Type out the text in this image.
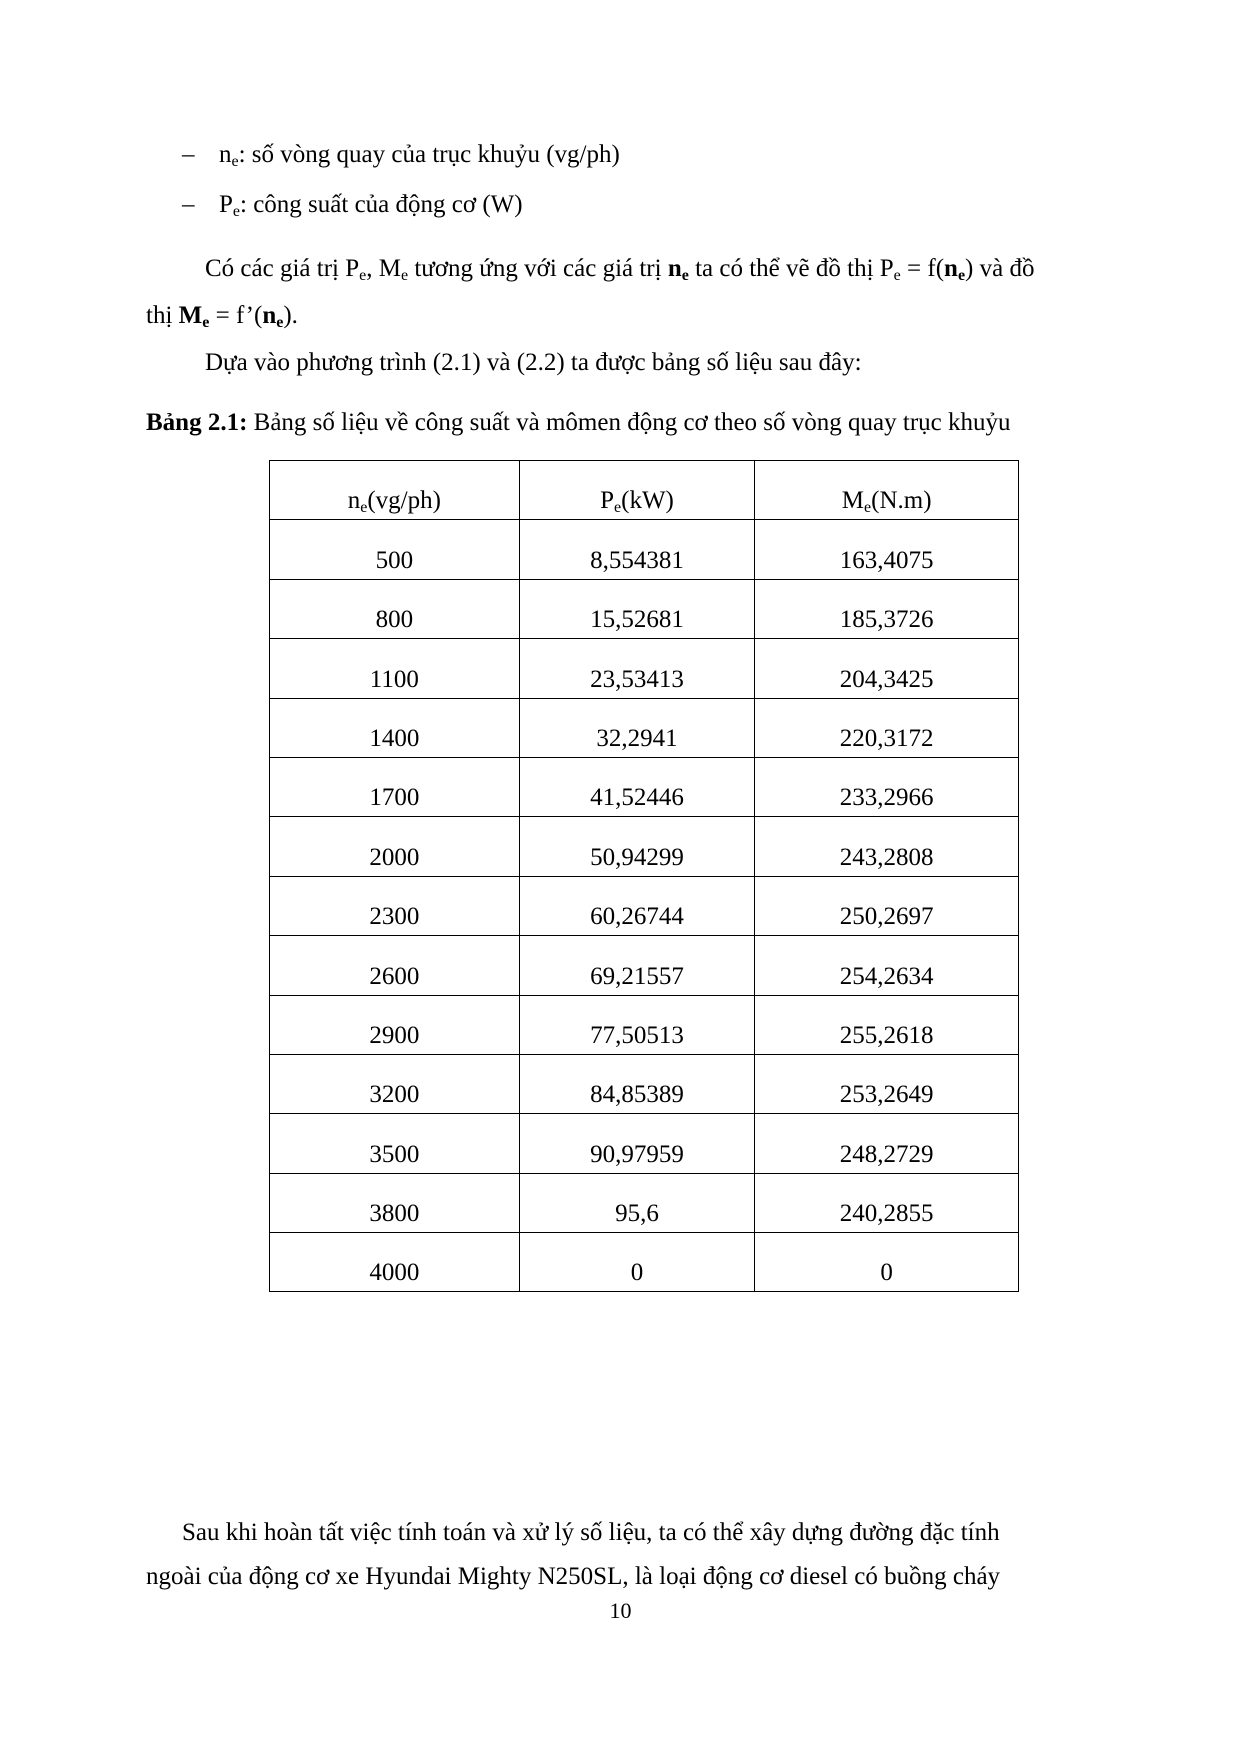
– $n_e$: số vòng quay của trục khuỷu (vg/ph)
– $P_e$: công suất của động cơ (W)
Có các giá trị $P_e$, $M_e$ tương ứng với các giá trị $n_e$ ta có thể vẽ đồ thị $P_e = f(n_e)$ và đồ
thị $M_e$ = $f’(n_e)$.
Dựa vào phương trình (2.1) và (2.2) ta được bảng số liệu sau đây:
Bảng 2.1: Bảng số liệu về công suất và mômen động cơ theo số vòng quay trục khuỷu
$n_e(vg/ph)$	$P_e(kW)$	$M_e(N.m)$
500	8,554381	163,4075
800	15,52681	185,3726
1100	23,53413	204,3425
1400	32,2941	220,3172
1700	41,52446	233,2966
2000	50,94299	243,2808
2300	60,26744	250,2697
2600	69,21557	254,2634
2900	77,50513	255,2618
3200	84,85389	253,2649
3500	90,97959	248,2729
3800	95,6	240,2855
4000	0	0
Sau khi hoàn tất việc tính toán và xử lý số liệu, ta có thể xây dựng đường đặc tính
ngoài của động cơ xe Hyundai Mighty N250SL, là loại động cơ diesel có buồng cháy
10
